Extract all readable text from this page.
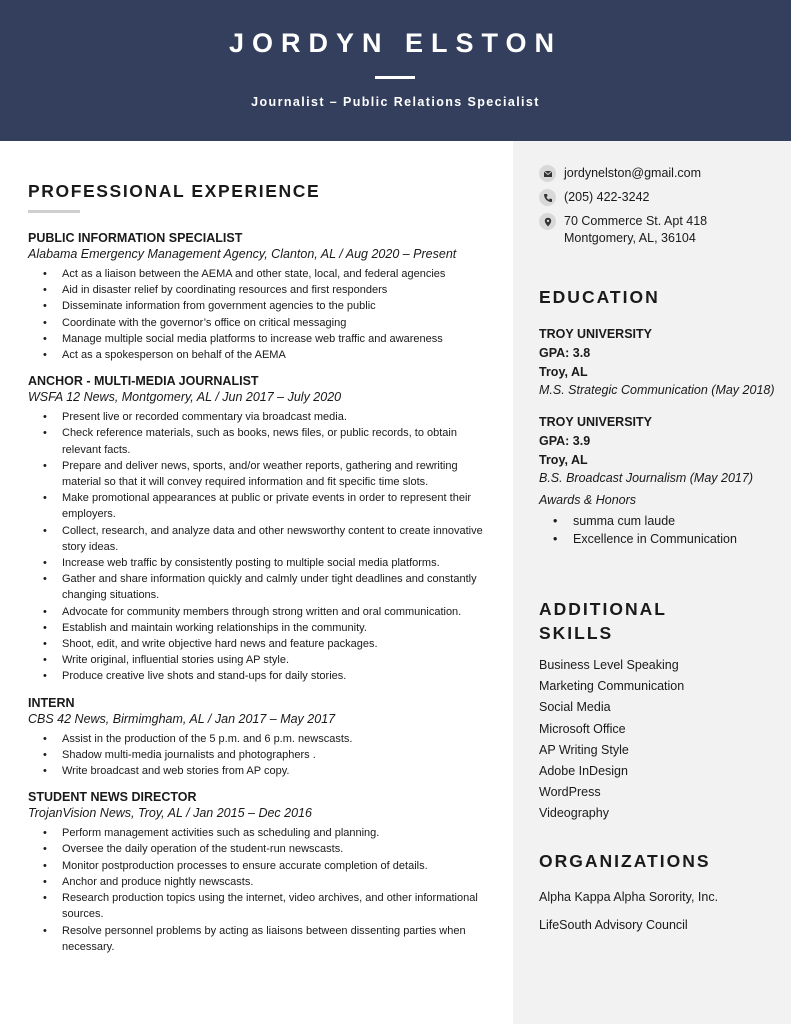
JORDYN ELSTON
Journalist – Public Relations Specialist
PROFESSIONAL EXPERIENCE
PUBLIC INFORMATION SPECIALIST
Alabama Emergency Management Agency, Clanton, AL / Aug 2020 – Present
• Act as a liaison between the AEMA and other state, local, and federal agencies
• Aid in disaster relief by coordinating resources and first responders
• Disseminate information from government agencies to the public
• Coordinate with the governor’s office on critical messaging
• Manage multiple social media platforms to increase web traffic and awareness
• Act as a spokesperson on behalf of the AEMA
ANCHOR - MULTI-MEDIA JOURNALIST
WSFA 12 News, Montgomery, AL / Jun 2017 – July 2020
• Present live or recorded commentary via broadcast media.
• Check reference materials, such as books, news files, or public records, to obtain relevant facts.
• Prepare and deliver news, sports, and/or weather reports, gathering and rewriting material so that it will convey required information and fit specific time slots.
• Make promotional appearances at public or private events in order to represent their employers.
• Collect, research, and analyze data and other newsworthy content to create innovative story ideas.
• Increase web traffic by consistently posting to multiple social media platforms.
• Gather and share information quickly and calmly under tight deadlines and constantly changing situations.
• Advocate for community members through strong written and oral communication.
• Establish and maintain working relationships in the community.
• Shoot, edit, and write objective hard news and feature packages.
• Write original, influential stories using AP style.
• Produce creative live shots and stand-ups for daily stories.
INTERN
CBS 42 News, Birmimgham, AL / Jan 2017 – May 2017
• Assist in the production of the 5 p.m. and 6 p.m. newscasts.
• Shadow multi-media journalists and photographers .
• Write broadcast and web stories from AP copy.
STUDENT NEWS DIRECTOR
TrojanVision News, Troy, AL / Jan 2015 – Dec 2016
• Perform management activities such as scheduling and planning.
• Oversee the daily operation of the student-run newscasts.
• Monitor postproduction processes to ensure accurate completion of details.
• Anchor and produce nightly newscasts.
• Research production topics using the internet, video archives, and other informational sources.
• Resolve personnel problems by acting as liaisons between dissenting parties when necessary.
jordynelston@gmail.com
(205) 422-3242
70 Commerce St. Apt 418
Montgomery, AL, 36104
EDUCATION
TROY UNIVERSITY
GPA: 3.8
Troy, AL
M.S. Strategic Communication (May 2018)
TROY UNIVERSITY
GPA: 3.9
Troy, AL
B.S. Broadcast Journalism (May 2017)
Awards & Honors
• summa cum laude
• Excellence in Communication
ADDITIONAL
SKILLS
Business Level Speaking
Marketing Communication
Social Media
Microsoft Office
AP Writing Style
Adobe InDesign
WordPress
Videography
ORGANIZATIONS
Alpha Kappa Alpha Sorority, Inc.
LifeSouth Advisory Council
